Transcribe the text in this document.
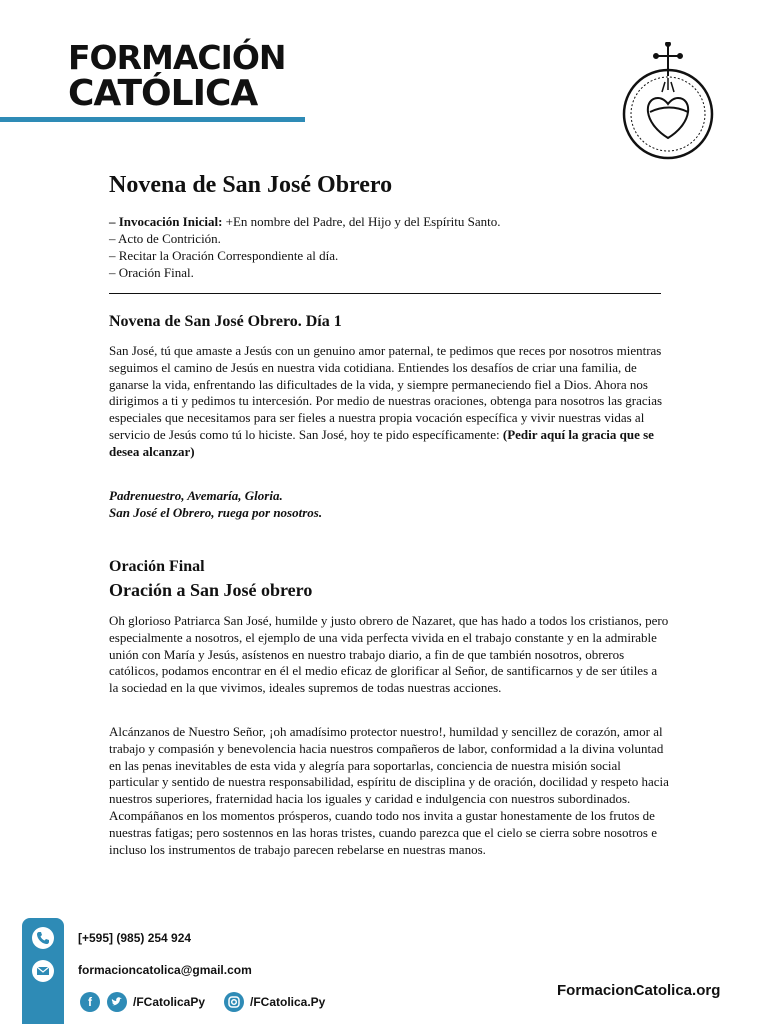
FORMACIÓN
CATÓLICA
Novena de San José Obrero
– Invocación Inicial: +En nombre del Padre, del Hijo y del Espíritu Santo.
– Acto de Contrición.
– Recitar la Oración Correspondiente al día.
– Oración Final.
Novena de San José Obrero. Día 1
San José, tú que amaste a Jesús con un genuino amor paternal, te pedimos que reces por nosotros mientras seguimos el camino de Jesús en nuestra vida cotidiana. Entiendes los desafíos de criar una familia, de ganarse la vida, enfrentando las dificultades de la vida, y siempre permaneciendo fiel a Dios. Ahora nos dirigimos a ti y pedimos tu intercesión. Por medio de nuestras oraciones, obtenga para nosotros las gracias especiales que necesitamos para ser fieles a nuestra propia vocación específica y vivir nuestras vidas al servicio de Jesús como tú lo hiciste. San José, hoy te pido específicamente: (Pedir aquí la gracia que se desea alcanzar)
Padrenuestro, Avemaría, Gloria.
San José el Obrero, ruega por nosotros.
Oración Final
Oración a San José obrero
Oh glorioso Patriarca San José, humilde y justo obrero de Nazaret, que has hado a todos los cristianos, pero especialmente a nosotros, el ejemplo de una vida perfecta vivida en el trabajo constante y en la admirable unión con María y Jesús, asístenos en nuestro trabajo diario, a fin de que también nosotros, obreros católicos, podamos encontrar en él el medio eficaz de glorificar al Señor, de santificarnos y de ser útiles a la sociedad en la que vivimos, ideales supremos de todas nuestras acciones.
Alcánzanos de Nuestro Señor, ¡oh amadísimo protector nuestro!, humildad y sencillez de corazón, amor al trabajo y compasión y benevolencia hacia nuestros compañeros de labor, conformidad a la divina voluntad en las penas inevitables de esta vida y alegría para soportarlas, conciencia de nuestra misión social particular y sentido de nuestra responsabilidad, espíritu de disciplina y de oración, docilidad y respeto hacia nuestros superiores, fraternidad hacia los iguales y caridad e indulgencia con nuestros subordinados. Acompáñanos en los momentos prósperos, cuando todo nos invita a gustar honestamente de los frutos de nuestras fatigas; pero sostennos en las horas tristes, cuando parezca que el cielo se cierra sobre nosotros e incluso los instrumentos de trabajo parecen rebelarse en nuestras manos.
[+595] (985) 254 924
formacioncatolica@gmail.com
f	/FCatolicaPy	/FCatolica.Py
FormacionCatolica.org
